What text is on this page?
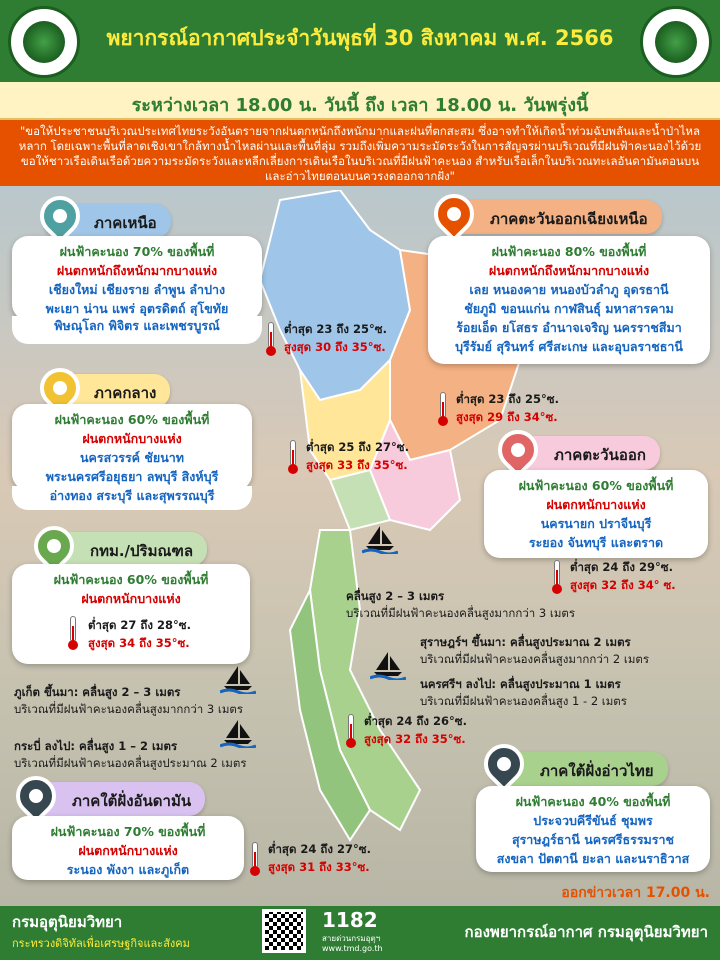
พยากรณ์อากาศประจำวันพุธที่ 30 สิงหาคม พ.ศ. 2566
ระหว่างเวลา 18.00 น. วันนี้ ถึง เวลา 18.00 น. วันพรุ่งนี้

"ขอให้ประชาชนบริเวณประเทศไทยระวังอันตรายจากฝนตกหนักถึงหนักมากและฝนที่ตกสะสม ซึ่งอาจทำให้เกิดน้ำท่วมฉับพลันและน้ำป่าไหลหลาก โดยเฉพาะพื้นที่ลาดเชิงเขาใกล้ทางน้ำไหลผ่านและพื้นที่ลุ่ม รวมถึงเพิ่มความระมัดระวังในการสัญจรผ่านบริเวณที่มีฝนฟ้าคะนองไว้ด้วย ขอให้ชาวเรือเดินเรือด้วยความระมัดระวังและหลีกเลี่ยงการเดินเรือในบริเวณที่มีฝนฟ้าคะนอง สำหรับเรือเล็กในบริเวณทะเลอันดามันตอนบนและอ่าวไทยตอนบนควรงดออกจากฝั่ง"

ภาคเหนือ
ฝนฟ้าคะนอง 70% ของพื้นที่
ฝนตกหนักถึงหนักมากบางแห่ง
เชียงใหม่ เชียงราย ลำพูน ลำปาง
พะเยา น่าน แพร่ อุตรดิตถ์ สุโขทัย
พิษณุโลก พิจิตร และเพชรบูรณ์	ต่ำสุด 23 ถึง 25°ซ.
สูงสุด 30 ถึง 35°ซ.
ภาคตะวันออกเฉียงเหนือ
ฝนฟ้าคะนอง 80% ของพื้นที่
ฝนตกหนักถึงหนักมากบางแห่ง
เลย หนองคาย หนองบัวลำภู อุดรธานี
ชัยภูมิ ขอนแก่น กาฬสินธุ์ มหาสารคาม
ร้อยเอ็ด ยโสธร อำนาจเจริญ นครราชสีมา
บุรีรัมย์ สุรินทร์ ศรีสะเกษ และอุบลราชธานี
ต่ำสุด 23 ถึง 25°ซ.
สูงสุด 29 ถึง 34°ซ.
ภาคกลาง
ฝนฟ้าคะนอง 60% ของพื้นที่
ฝนตกหนักบางแห่ง
นครสวรรค์ ชัยนาท
พระนครศรีอยุธยา ลพบุรี สิงห์บุรี
อ่างทอง สระบุรี และสุพรรณบุรี
ต่ำสุด 25 ถึง 27°ซ.
สูงสุด 33 ถึง 35°ซ.
ภาคตะวันออก
ฝนฟ้าคะนอง 60% ของพื้นที่
ฝนตกหนักบางแห่ง
นครนายก ปราจีนบุรี
ระยอง จันทบุรี และตราด
ต่ำสุด 24 ถึง 29°ซ.
สูงสุด 32 ถึง 34° ซ.
กทม./ปริมณฑล
ฝนฟ้าคะนอง 60% ของพื้นที่
ฝนตกหนักบางแห่ง
ต่ำสุด 27 ถึง 28°ซ.
สูงสุด 34 ถึง 35°ซ.
คลื่นสูง 2 – 3 เมตร
บริเวณที่มีฝนฟ้าคะนองคลื่นสูงมากกว่า 3 เมตร
สุราษฎร์ฯ ขึ้นมา: คลื่นสูงประมาณ 2 เมตร
บริเวณที่มีฝนฟ้าคะนองคลื่นสูงมากกว่า 2 เมตร
นครศรีฯ ลงไป: คลื่นสูงประมาณ 1 เมตร
บริเวณที่มีฝนฟ้าคะนองคลื่นสูง 1 - 2 เมตร
ภูเก็ต ขึ้นมา: คลื่นสูง 2 – 3 เมตร
บริเวณที่มีฝนฟ้าคะนองคลื่นสูงมากกว่า 3 เมตร
กระบี่ ลงไป: คลื่นสูง 1 – 2 เมตร
บริเวณที่มีฝนฟ้าคะนองคลื่นสูงประมาณ 2 เมตร
ต่ำสุด 24 ถึง 26°ซ.
สูงสุด 32 ถึง 35°ซ.
ภาคใต้ฝั่งอ่าวไทย
ฝนฟ้าคะนอง 40% ของพื้นที่
ประจวบคีรีขันธ์ ชุมพร
สุราษฎร์ธานี นครศรีธรรมราช
สงขลา ปัตตานี ยะลา และนราธิวาส
ภาคใต้ฝั่งอันดามัน
ฝนฟ้าคะนอง 70% ของพื้นที่
ฝนตกหนักบางแห่ง
ระนอง พังงา และภูเก็ต
ต่ำสุด 24 ถึง 27°ซ.
สูงสุด 31 ถึง 33°ซ.
ออกข่าวเวลา 17.00 น.
กรมอุตุนิยมวิทยา
กระทรวงดิจิทัลเพื่อเศรษฐกิจและสังคม
1182
สายด่วนกรมอุตุฯ
www.tmd.go.th
กองพยากรณ์อากาศ กรมอุตุนิยมวิทยา
